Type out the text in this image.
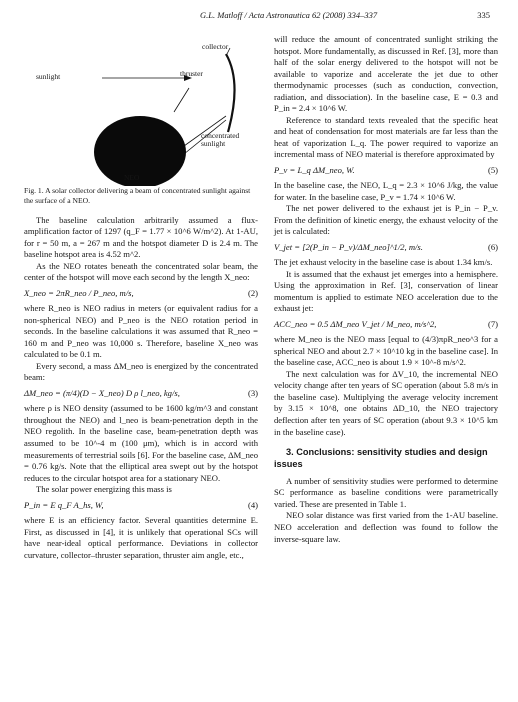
G.L. Matloff / Acta Astronautica 62 (2008) 334–337	335
collector
thruster
sunlight
concentrated sunlight
NEO

Fig. 1. A solar collector delivering a beam of concentrated sunlight against the surface of a NEO.

The baseline calculation arbitrarily assumed a flux-amplification factor of 1297 (q_F = 1.77 × 10^6 W/m^2). At 1-AU, for r = 50 m, a = 267 m and the hotspot diameter D is 2.4 m. The baseline hotspot area is 4.52 m^2.

As the NEO rotates beneath the concentrated solar beam, the center of the hotspot will move each second by the length X_neo:

X_neo = 2πR_neo / P_neo, m/s,	(2)

where R_neo is NEO radius in meters (or equivalent radius for a non-spherical NEO) and P_neo is the NEO rotation period in seconds. In the baseline calculations it was assumed that R_neo = 160 m and P_neo was 10,000 s. Therefore, baseline X_neo was calculated to be 0.1 m.

Every second, a mass ΔM_neo is energized by the concentrated beam:

ΔM_neo = (π/4)(D − X_neo) D ρ l_neo, kg/s,	(3)

where ρ is NEO density (assumed to be 1600 kg/m^3 and constant throughout the NEO) and l_neo is beam-penetration depth in the NEO regolith. In the baseline case, beam-penetration depth was assumed to be 10^-4 m (100 μm), which is in accord with measurements of terrestrial soils [6]. For the baseline case, ΔM_neo = 0.76 kg/s. Note that the elliptical area swept out by the hotspot reduces to the circular hotspot area for a stationary NEO.

The solar power energizing this mass is

P_in = E q_F A_hs, W,	(4)

where E is an efficiency factor. Several quantities determine E. First, as discussed in [4], it is unlikely that operational SCs will have near-ideal optical performance. Deviations in collector curvature, collector–thruster separation, thruster aim angle, etc.,

will reduce the amount of concentrated sunlight striking the hotspot. More fundamentally, as discussed in Ref. [3], more than half of the solar energy delivered to the hotspot will not be available to vaporize and accelerate the jet due to other thermodynamic processes (such as conduction, convection, radiation, and dissociation). In the baseline case, E = 0.3 and P_in = 2.4 × 10^6 W.

Reference to standard texts revealed that the specific heat and heat of condensation for most materials are far less than the heat of vaporization L_q. The power required to vaporize an incremental mass of NEO material is therefore approximated by

P_v = L_q ΔM_neo, W.	(5)

In the baseline case, the NEO, L_q = 2.3 × 10^6 J/kg, the value for water. In the baseline case, P_v = 1.74 × 10^6 W.

The net power delivered to the exhaust jet is P_in − P_v. From the definition of kinetic energy, the exhaust velocity of the jet is calculated:

V_jet = [2(P_in − P_v)/ΔM_neo]^1/2, m/s.	(6)

The jet exhaust velocity in the baseline case is about 1.34 km/s.

It is assumed that the exhaust jet emerges into a hemisphere. Using the approximation in Ref. [3], conservation of linear momentum is applied to estimate NEO acceleration due to the exhaust jet:

ACC_neo = 0.5 ΔM_neo V_jet / M_neo, m/s^2,	(7)

where M_neo is the NEO mass [equal to (4/3)πρR_neo^3 for a spherical NEO and about 2.7 × 10^10 kg in the baseline case]. In the baseline case, ACC_neo is about 1.9 × 10^-8 m/s^2.

The next calculation was for ΔV_10, the incremental NEO velocity change after ten years of SC operation (about 5.8 m/s in the baseline case). Multiplying the average velocity increment by 3.15 × 10^8, one obtains ΔD_10, the NEO trajectory deflection after ten years of SC operation (about 9.3 × 10^5 km in the baseline case).

3. Conclusions: sensitivity studies and design issues

A number of sensitivity studies were performed to determine SC performance as baseline conditions were parametrically varied. These are presented in Table 1.

NEO solar distance was first varied from the 1-AU baseline. NEO acceleration and deflection was found to follow the inverse-square law.
